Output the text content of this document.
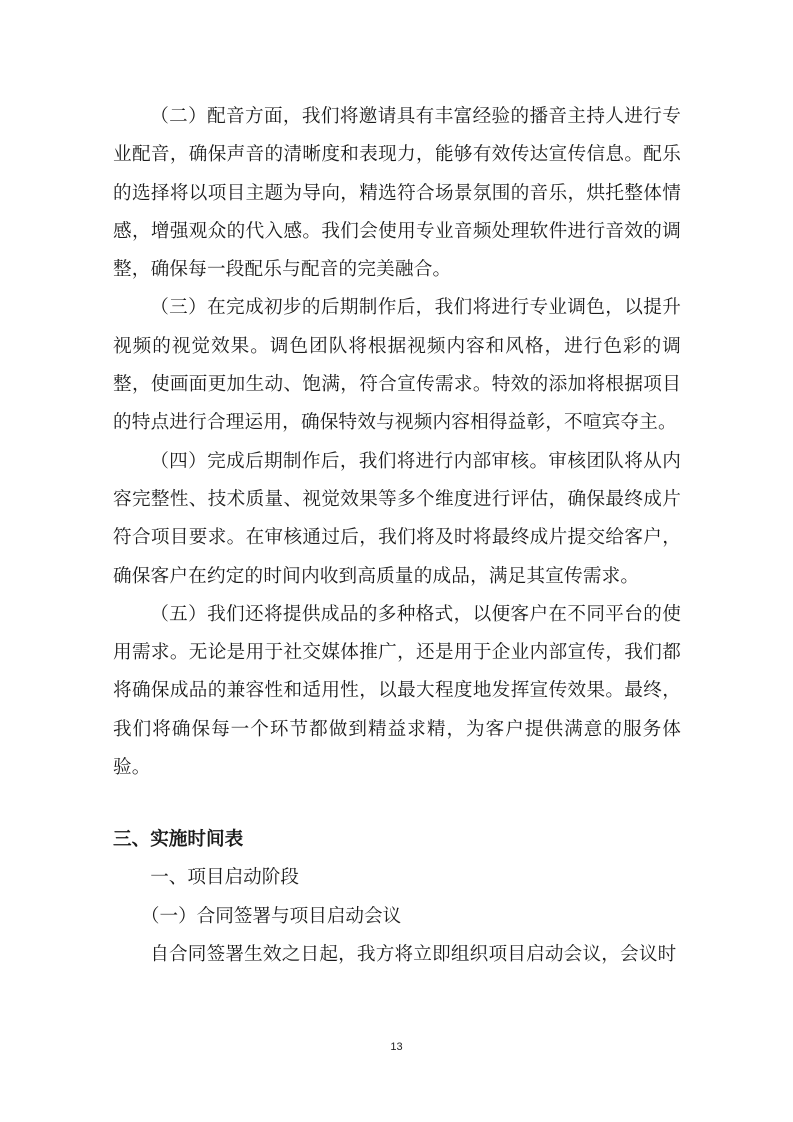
（二）配音方面，我们将邀请具有丰富经验的播音主持人进行专业配音，确保声音的清晰度和表现力，能够有效传达宣传信息。配乐的选择将以项目主题为导向，精选符合场景氛围的音乐，烘托整体情感，增强观众的代入感。我们会使用专业音频处理软件进行音效的调整，确保每一段配乐与配音的完美融合。

（三）在完成初步的后期制作后，我们将进行专业调色，以提升视频的视觉效果。调色团队将根据视频内容和风格，进行色彩的调整，使画面更加生动、饱满，符合宣传需求。特效的添加将根据项目的特点进行合理运用，确保特效与视频内容相得益彰，不喧宾夺主。

（四）完成后期制作后，我们将进行内部审核。审核团队将从内容完整性、技术质量、视觉效果等多个维度进行评估，确保最终成片符合项目要求。在审核通过后，我们将及时将最终成片提交给客户，确保客户在约定的时间内收到高质量的成品，满足其宣传需求。

（五）我们还将提供成品的多种格式，以便客户在不同平台的使用需求。无论是用于社交媒体推广，还是用于企业内部宣传，我们都将确保成品的兼容性和适用性，以最大程度地发挥宣传效果。最终，我们将确保每一个环节都做到精益求精，为客户提供满意的服务体验。

三、实施时间表

一、项目启动阶段

（一）合同签署与项目启动会议

自合同签署生效之日起，我方将立即组织项目启动会议，会议时

13
